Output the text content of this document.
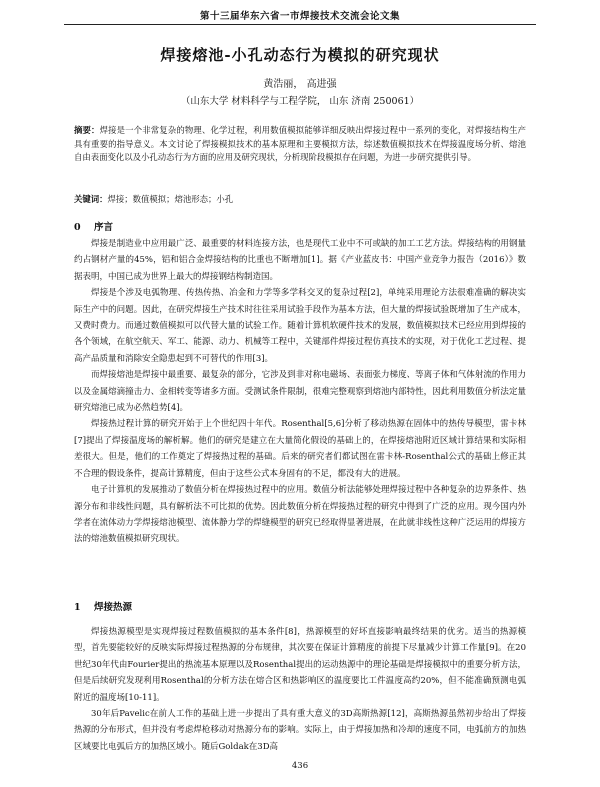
第十三届华东六省一市焊接技术交流会论文集
焊接熔池-小孔动态行为模拟的研究现状
黄浩丽， 高进强
（山东大学 材料科学与工程学院， 山东 济南 250061）
摘要：焊接是一个非常复杂的物理、化学过程，利用数值模拟能够详细反映出焊接过程中一系列的变化，对焊接结构生产具有重要的指导意义。本文讨论了焊接模拟技术的基本原理和主要模拟方法，综述数值模拟技术在焊接温度场分析、熔池自由表面变化以及小孔动态行为方面的应用及研究现状，分析现阶段模拟存在问题，为进一步研究提供引导。
关键词：焊接；数值模拟；熔池形态；小孔
0 序言

焊接是制造业中应用最广泛、最重要的材料连接方法，也是现代工业中不可或缺的加工工艺方法。焊接结构的用钢量约占钢材产量的45%，铝和铝合金焊接结构的比重也不断增加[1]。据《产业蓝皮书：中国产业竞争力报告（2016）》数据表明，中国已成为世界上最大的焊接钢结构制造国。

焊接是个涉及电弧物理、传热传热、冶金和力学等多学科交叉的复杂过程[2]，单纯采用理论方法很难准确的解决实际生产中的问题。因此，在研究焊接生产技术时往往采用试验手段作为基本方法，但大量的焊接试验既增加了生产成本，又费时费力。而通过数值模拟可以代替大量的试验工作。随着计算机软硬件技术的发展，数值模拟技术已经应用到焊接的各个领域，在航空航天、军工、能源、动力、机械等工程中，关键部件焊接过程仿真技术的实现，对于优化工艺过程、提高产品质量和消除安全隐患起到不可替代的作用[3]。

而焊接熔池是焊接中最重要、最复杂的部分，它涉及到非对称电磁场、表面张力梯度、等离子体和气体射流的作用力以及金属熔滴撞击力、金相转变等诸多方面。受测试条件限制，很难完整观察到熔池内部特性，因此利用数值分析法定量研究熔池已成为必然趋势[4]。

焊接热过程计算的研究开始于上个世纪四十年代。Rosenthal[5,6]分析了移动热源在固体中的热传导模型，雷卡林[7]提出了焊接温度场的解析解。他们的研究是建立在大量简化假设的基础上的，在焊接熔池附近区域计算结果和实际相差很大。但是，他们的工作奠定了焊接热过程的基础。后来的研究者们都试图在雷卡林-Rosenthal公式的基础上修正其不合理的假设条件，提高计算精度，但由于这些公式本身固有的不足，都没有大的进展。

电子计算机的发展推动了数值分析在焊接热过程中的应用。数值分析法能够处理焊接过程中各种复杂的边界条件、热源分布和非线性问题，具有解析法不可比拟的优势。因此数值分析在焊接热过程的研究中得到了广泛的应用。现今国内外学者在流体动力学焊接熔池模型、流体静力学的焊缝模型的研究已经取得显著进展，在此就非线性这种广泛运用的焊接方法的熔池数值模拟研究现状。

1 焊接热源

焊接热源模型是实现焊接过程数值模拟的基本条件[8]，热源模型的好坏直接影响最终结果的优劣。适当的热源模型，首先要能较好的反映实际焊接过程热源的分布规律，其次要在保证计算精度的前提下尽量减少计算工作量[9]。在20世纪30年代由Fourier提出的热流基本原理以及Rosenthal提出的运动热源中的理论基础是焊接模拟中的重要分析方法，但是后续研究发现利用Rosenthal的分析方法在熔合区和热影响区的温度要比工件温度高约20%，但不能准确预测电弧附近的温度场[10-11]。

30年后Pavelic在前人工作的基础上进一步提出了具有重大意义的3D高斯热源[12]，高斯热源虽然初步给出了焊接热源的分布形式，但并没有考虑焊枪移动对热源分布的影响。实际上，由于焊接加热和冷却的速度不同，电弧前方的加热区域要比电弧后方的加热区域小。随后Goldak在3D高

436
